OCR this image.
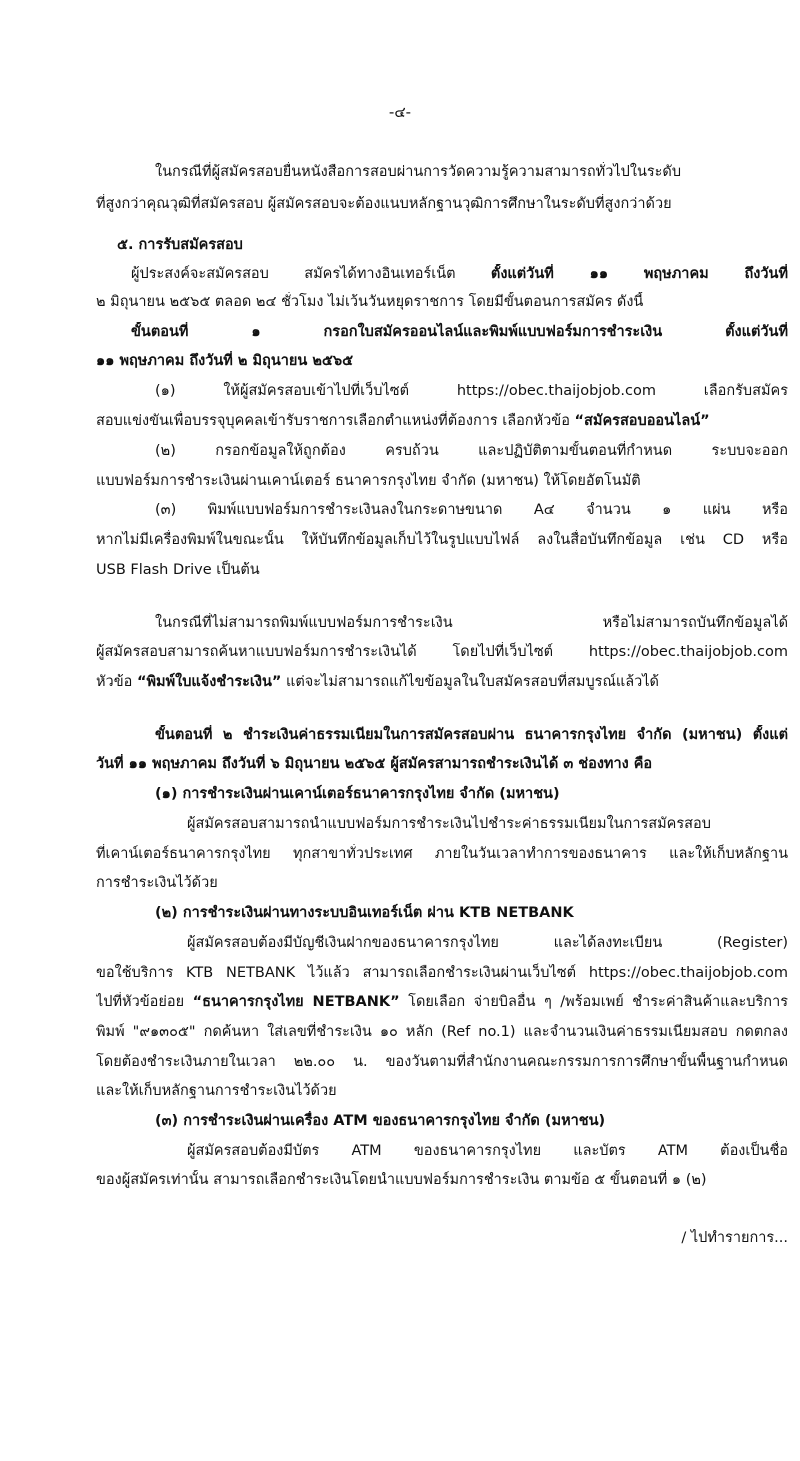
-๔-
ในกรณีที่ผู้สมัครสอบยื่นหนังสือการสอบผ่านการวัดความรู้ความสามารถทั่วไปในระดับ
ที่สูงกว่าคุณวุฒิที่สมัครสอบ ผู้สมัครสอบจะต้องแนบหลักฐานวุฒิการศึกษาในระดับที่สูงกว่าด้วย
๕. การรับสมัครสอบ
ผู้ประสงค์จะสมัครสอบ สมัครได้ทางอินเทอร์เน็ต ตั้งแต่วันที่ ๑๑ พฤษภาคม ถึงวันที่
๒ มิถุนายน ๒๕๖๕ ตลอด ๒๔ ชั่วโมง ไม่เว้นวันหยุดราชการ โดยมีขั้นตอนการสมัคร ดังนี้
ขั้นตอนที่ ๑ กรอกใบสมัครออนไลน์และพิมพ์แบบฟอร์มการชำระเงิน ตั้งแต่วันที่
๑๑ พฤษภาคม ถึงวันที่ ๒ มิถุนายน ๒๕๖๕
(๑) ให้ผู้สมัครสอบเข้าไปที่เว็บไซต์ https://obec.thaijobjob.com เลือกรับสมัคร
สอบแข่งขันเพื่อบรรจุบุคคลเข้ารับราชการเลือกตำแหน่งที่ต้องการ เลือกหัวข้อ “สมัครสอบออนไลน์”
(๒) กรอกข้อมูลให้ถูกต้อง ครบถ้วน และปฏิบัติตามขั้นตอนที่กำหนด ระบบจะออก
แบบฟอร์มการชำระเงินผ่านเคาน์เตอร์ ธนาคารกรุงไทย จำกัด (มหาชน) ให้โดยอัตโนมัติ
(๓) พิมพ์แบบฟอร์มการชำระเงินลงในกระดาษขนาด A๔ จำนวน ๑ แผ่น หรือ
หากไม่มีเครื่องพิมพ์ในขณะนั้น ให้บันทึกข้อมูลเก็บไว้ในรูปแบบไฟล์ ลงในสื่อบันทึกข้อมูล เช่น CD หรือ
USB Flash Drive เป็นต้น
ในกรณีที่ไม่สามารถพิมพ์แบบฟอร์มการชำระเงิน หรือไม่สามารถบันทึกข้อมูลได้
ผู้สมัครสอบสามารถค้นหาแบบฟอร์มการชำระเงินได้ โดยไปที่เว็บไซต์ https://obec.thaijobjob.com
หัวข้อ “พิมพ์ใบแจ้งชำระเงิน” แต่จะไม่สามารถแก้ไขข้อมูลในใบสมัครสอบที่สมบูรณ์แล้วได้
ขั้นตอนที่ ๒ ชำระเงินค่าธรรมเนียมในการสมัครสอบผ่าน ธนาคารกรุงไทย จำกัด (มหาชน) ตั้งแต่
วันที่ ๑๑ พฤษภาคม ถึงวันที่ ๖ มิถุนายน ๒๕๖๕ ผู้สมัครสามารถชำระเงินได้ ๓ ช่องทาง คือ
(๑) การชำระเงินผ่านเคาน์เตอร์ธนาคารกรุงไทย จำกัด (มหาชน)
ผู้สมัครสอบสามารถนำแบบฟอร์มการชำระเงินไปชำระค่าธรรมเนียมในการสมัครสอบ
ที่เคาน์เตอร์ธนาคารกรุงไทย ทุกสาขาทั่วประเทศ ภายในวันเวลาทำการของธนาคาร และให้เก็บหลักฐาน
การชำระเงินไว้ด้วย
(๒) การชำระเงินผ่านทางระบบอินเทอร์เน็ต ผ่าน KTB NETBANK
ผู้สมัครสอบต้องมีบัญชีเงินฝากของธนาคารกรุงไทย และได้ลงทะเบียน (Register)
ขอใช้บริการ KTB NETBANK ไว้แล้ว สามารถเลือกชำระเงินผ่านเว็บไซต์ https://obec.thaijobjob.com
ไปที่หัวข้อย่อย “ธนาคารกรุงไทย NETBANK” โดยเลือก จ่ายบิลอื่น ๆ /พร้อมเพย์ ชำระค่าสินค้าและบริการ
พิมพ์ "๙๑๓๐๕" กดค้นหา ใส่เลขที่ชำระเงิน ๑๐ หลัก (Ref no.1) และจำนวนเงินค่าธรรมเนียมสอบ กดตกลง
โดยต้องชำระเงินภายในเวลา ๒๒.๐๐ น. ของวันตามที่สำนักงานคณะกรรมการการศึกษาขั้นพื้นฐานกำหนด
และให้เก็บหลักฐานการชำระเงินไว้ด้วย
(๓) การชำระเงินผ่านเครื่อง ATM ของธนาคารกรุงไทย จำกัด (มหาชน)
ผู้สมัครสอบต้องมีบัตร ATM ของธนาคารกรุงไทย และบัตร ATM ต้องเป็นชื่อ
ของผู้สมัครเท่านั้น สามารถเลือกชำระเงินโดยนำแบบฟอร์มการชำระเงิน ตามข้อ ๕ ขั้นตอนที่ ๑ (๒)
/ ไปทำรายการ...
